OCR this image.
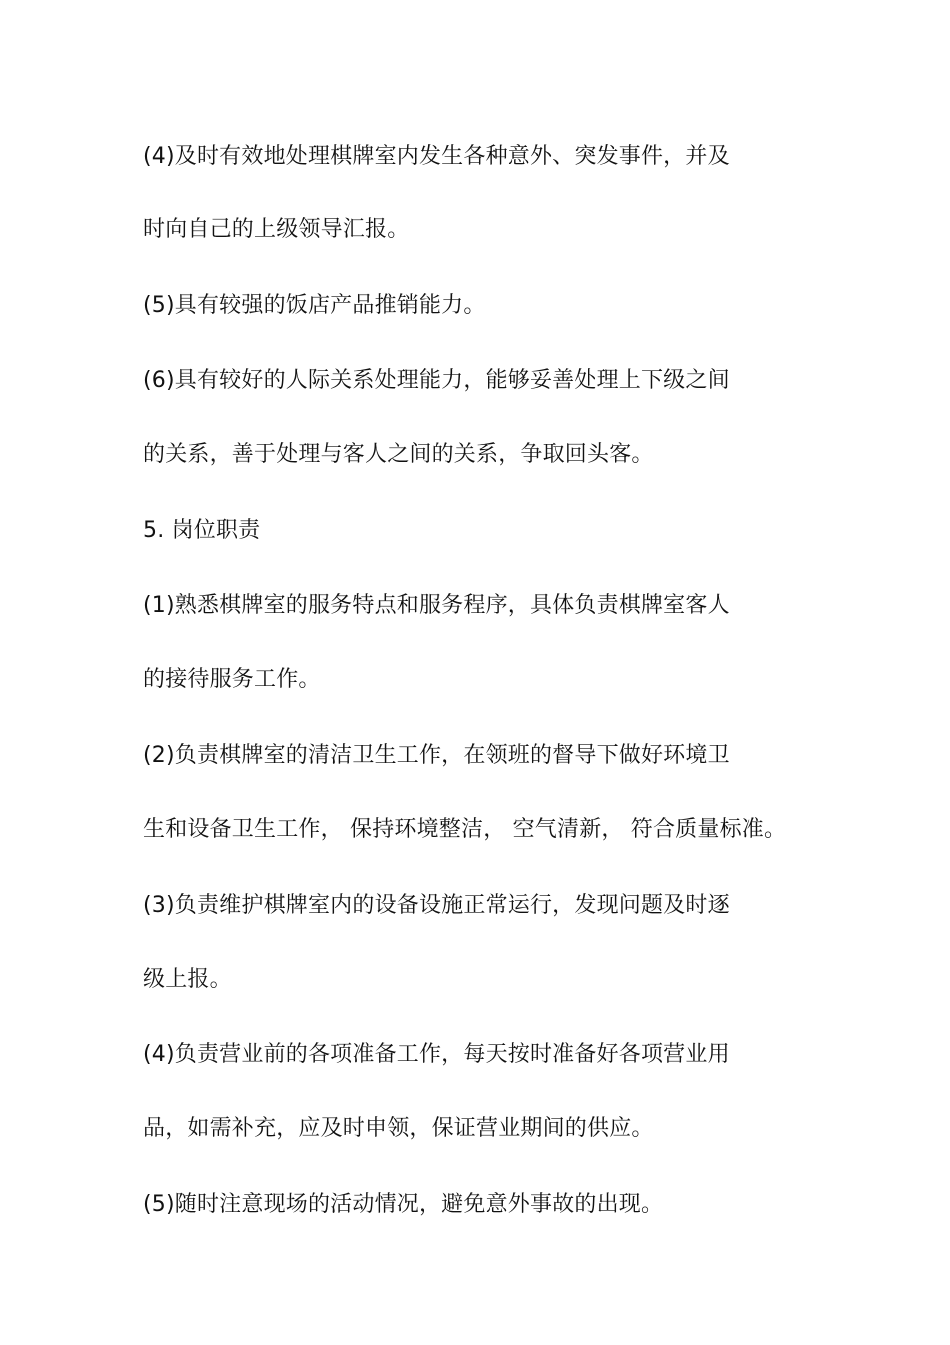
(4)及时有效地处理棋牌室内发生各种意外、突发事件，并及
时向自己的上级领导汇报。
(5)具有较强的饭店产品推销能力。
(6)具有较好的人际关系处理能力，能够妥善处理上下级之间
的关系，善于处理与客人之间的关系，争取回头客。
5. 岗位职责
(1)熟悉棋牌室的服务特点和服务程序，具体负责棋牌室客人
的接待服务工作。
(2)负责棋牌室的清洁卫生工作，在领班的督导下做好环境卫
生和设备卫生工作， 保持环境整洁， 空气清新， 符合质量标准。
(3)负责维护棋牌室内的设备设施正常运行，发现问题及时逐
级上报。
(4)负责营业前的各项准备工作，每天按时准备好各项营业用
品，如需补充，应及时申领，保证营业期间的供应。
(5)随时注意现场的活动情况，避免意外事故的出现。
